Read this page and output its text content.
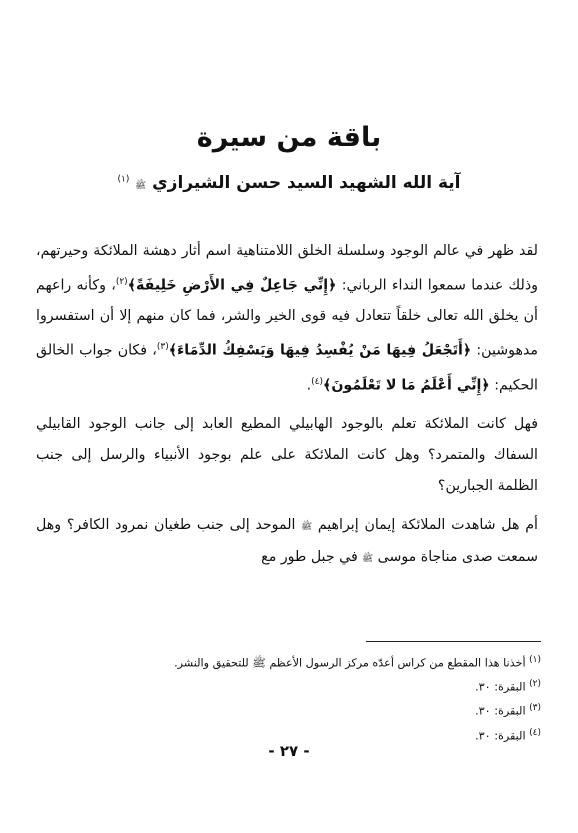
باقة من سيرة
آية الله الشهيد السيد حسن الشيرازي ﷺ $^{(١)}$

لقد ظهر في عالم الوجود وسلسلة الخلق اللامتناهية اسم أثار دهشة الملائكة وحيرتهم، وذلك عندما سمعوا النداء الرباني: ﴿إِنِّي جَاعِلٌ فِي الأَرْضِ خَلِيفَةً﴾$^{(٢)}$، وكأنه راعهم أن يخلق الله تعالى خلقاً تتعادل فيه قوى الخير والشر، فما كان منهم إلا أن استفسروا مدهوشين: ﴿أَتَجْعَلُ فِيهَا مَنْ يُفْسِدُ فِيهَا وَيَسْفِكُ الدِّمَاءَ﴾$^{(٣)}$، فكان جواب الخالق الحكيم: ﴿إِنِّي أَعْلَمُ مَا لا تَعْلَمُونَ﴾$^{(٤)}$.

فهل كانت الملائكة تعلم بالوجود الهابيلي المطيع العابد إلى جانب الوجود القابيلي السفاك والمتمرد؟ وهل كانت الملائكة على علم بوجود الأنبياء والرسل إلى جنب الظلمة الجبارين؟

أم هل شاهدت الملائكة إيمان إبراهيم ﷺ الموحد إلى جنب طغيان نمرود الكافر؟ وهل سمعت صدى مناجاة موسى ﷺ في جبل طور مع

$^{(١)}$ أخذنا هذا المقطع من كراس أعدّه مركز الرسول الأعظم ﷺ للتحقيق والنشر.

$^{(٢)}$ البقرة: ٣٠.

$^{(٣)}$ البقرة: ٣٠.

$^{(٤)}$ البقرة: ٣٠.

- ٢٧ -
